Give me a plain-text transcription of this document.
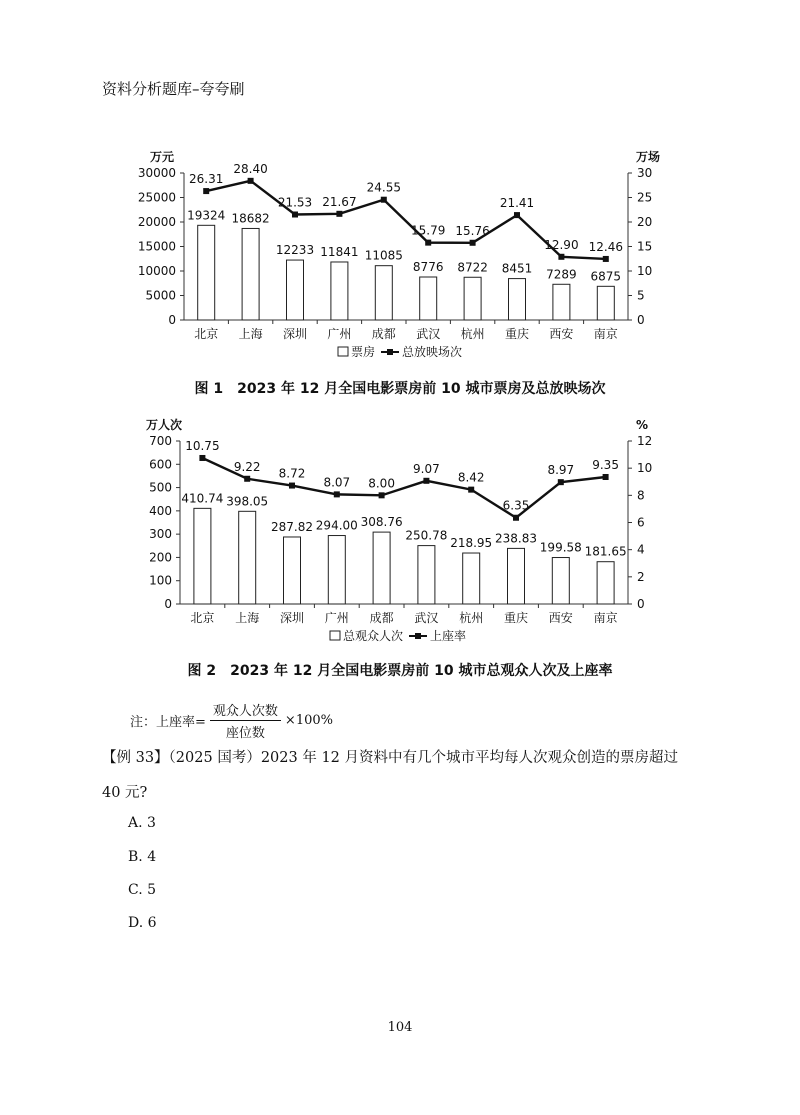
资料分析题库–夸夸刷
万元	万场
0
5000
10000
15000
20000
25000
30000
0
5
10
15
20
25
30
19324 18682
12233 11841 11085
8776 8722 8451 7289 6875
26.31
28.40
21.53 21.67
24.55
15.79 15.76
21.41
12.90 12.46
北京 上海 深圳 广州 成都 武汉 杭州 重庆 西安 南京
票房 总放映场次
图 1　2023 年 12 月全国电影票房前 10 城市票房及总放映场次
万人次	%
0
100
200
300
400
500
600
700
0
2
4
6
8
10
12
410.74 398.05
287.82 294.00 308.76
250.78
218.95 238.83
199.58 181.65
10.75
9.22 8.72
8.07 8.00
9.07
8.42
6.35
8.97 9.35
北京 上海 深圳 广州 成都 武汉 杭州 重庆 西安 南京
总观众人次 上座率
图 2　2023 年 12 月全国电影票房前 10 城市总观众人次及上座率
注：上座率= $\frac{\text{观众人次数}}{\text{座位数}} \times 100\%$
【例 33】（2025 国考）2023 年 12 月资料中有几个城市平均每人次观众创造的票房超过
40 元?
A. 3
B. 4
C. 5
D. 6
104
